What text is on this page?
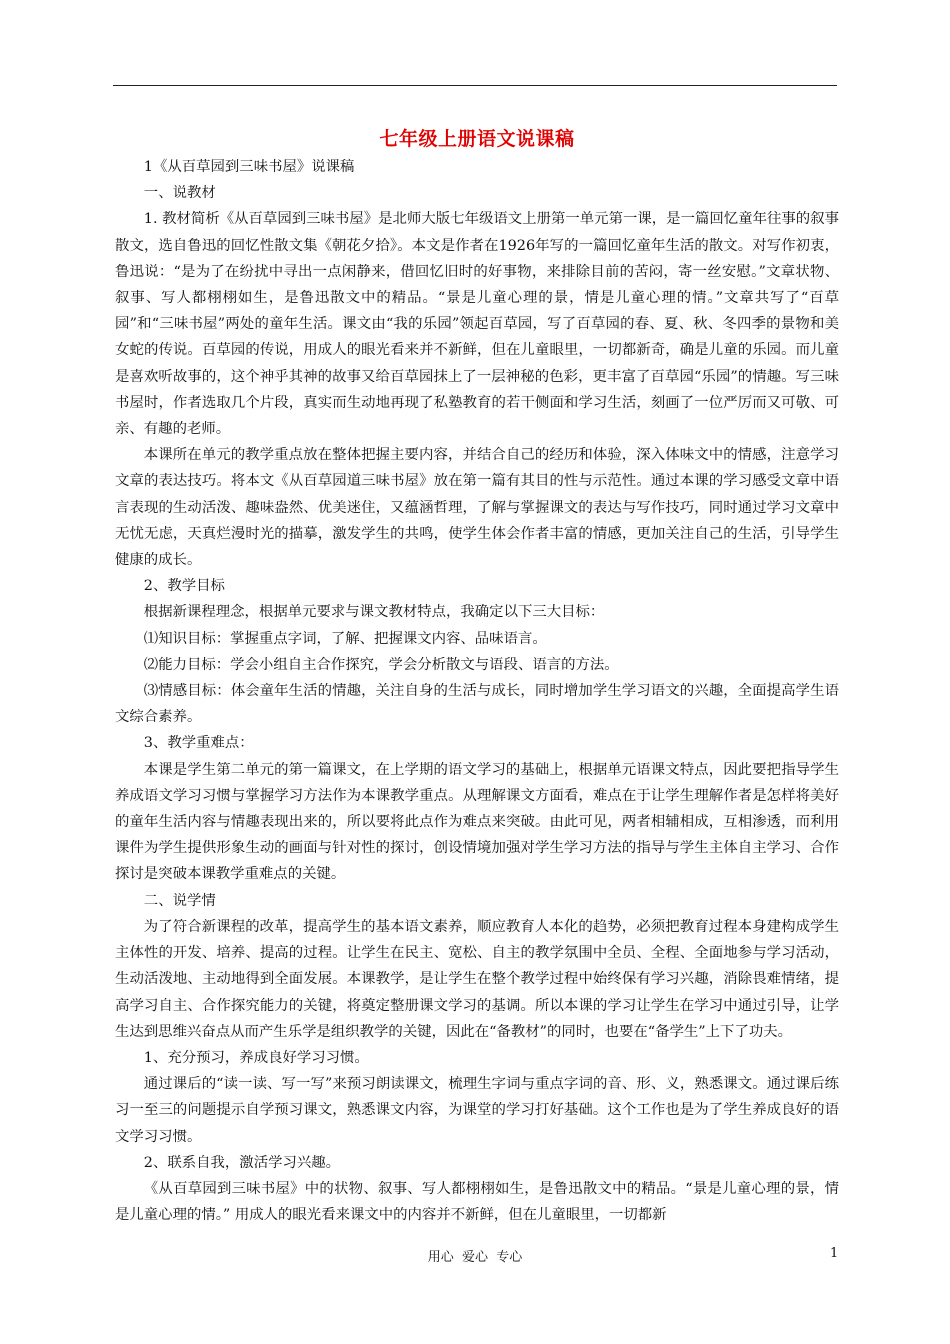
七年级上册语文说课稿

1《从百草园到三味书屋》说课稿

一、说教材

1. 教材简析《从百草园到三味书屋》是北师大版七年级语文上册第一单元第一课，是一篇回忆童年往事的叙事散文，选自鲁迅的回忆性散文集《朝花夕拾》。本文是作者在1926年写的一篇回忆童年生活的散文。对写作初衷，鲁迅说：“是为了在纷扰中寻出一点闲静来，借回忆旧时的好事物，来排除目前的苦闷，寄一丝安慰。”文章状物、叙事、写人都栩栩如生，是鲁迅散文中的精品。“景是儿童心理的景，情是儿童心理的情。”文章共写了“百草园”和“三味书屋”两处的童年生活。课文由“我的乐园”领起百草园，写了百草园的春、夏、秋、冬四季的景物和美女蛇的传说。百草园的传说，用成人的眼光看来并不新鲜，但在儿童眼里，一切都新奇，确是儿童的乐园。而儿童是喜欢听故事的，这个神乎其神的故事又给百草园抹上了一层神秘的色彩，更丰富了百草园“乐园”的情趣。写三味书屋时，作者选取几个片段，真实而生动地再现了私塾教育的若干侧面和学习生活，刻画了一位严厉而又可敬、可亲、有趣的老师。

本课所在单元的教学重点放在整体把握主要内容，并结合自己的经历和体验，深入体味文中的情感，注意学习文章的表达技巧。将本文《从百草园道三味书屋》放在第一篇有其目的性与示范性。通过本课的学习感受文章中语言表现的生动活泼、趣味盎然、优美迷住，又蕴涵哲理，了解与掌握课文的表达与写作技巧，同时通过学习文章中无忧无虑，天真烂漫时光的描摹，激发学生的共鸣，使学生体会作者丰富的情感，更加关注自己的生活，引导学生健康的成长。

2、教学目标

根据新课程理念，根据单元要求与课文教材特点，我确定以下三大目标：

⑴知识目标：掌握重点字词，了解、把握课文内容、品味语言。

⑵能力目标：学会小组自主合作探究，学会分析散文与语段、语言的方法。

⑶情感目标：体会童年生活的情趣，关注自身的生活与成长，同时增加学生学习语文的兴趣，全面提高学生语文综合素养。

3、教学重难点：

本课是学生第二单元的第一篇课文，在上学期的语文学习的基础上，根据单元语课文特点，因此要把指导学生养成语文学习习惯与掌握学习方法作为本课教学重点。从理解课文方面看，难点在于让学生理解作者是怎样将美好的童年生活内容与情趣表现出来的，所以要将此点作为难点来突破。由此可见，两者相辅相成，互相渗透，而利用课件为学生提供形象生动的画面与针对性的探讨，创设情境加强对学生学习方法的指导与学生主体自主学习、合作探讨是突破本课教学重难点的关键。

二、说学情

为了符合新课程的改革，提高学生的基本语文素养，顺应教育人本化的趋势，必须把教育过程本身建构成学生主体性的开发、培养、提高的过程。让学生在民主、宽松、自主的教学氛围中全员、全程、全面地参与学习活动，生动活泼地、主动地得到全面发展。本课教学，是让学生在整个教学过程中始终保有学习兴趣，消除畏难情绪，提高学习自主、合作探究能力的关键，将奠定整册课文学习的基调。所以本课的学习让学生在学习中通过引导，让学生达到思维兴奋点从而产生乐学是组织教学的关键，因此在“备教材”的同时，也要在“备学生”上下了功夫。

1、充分预习，养成良好学习习惯。

通过课后的“读一读、写一写”来预习朗读课文，梳理生字词与重点字词的音、形、义，熟悉课文。通过课后练习一至三的问题提示自学预习课文，熟悉课文内容，为课堂的学习打好基础。这个工作也是为了学生养成良好的语文学习习惯。

2、联系自我，激活学习兴趣。

《从百草园到三味书屋》中的状物、叙事、写人都栩栩如生，是鲁迅散文中的精品。“景是儿童心理的景，情是儿童心理的情。” 用成人的眼光看来课文中的内容并不新鲜，但在儿童眼里，一切都新

用心  爱心  专心	1
